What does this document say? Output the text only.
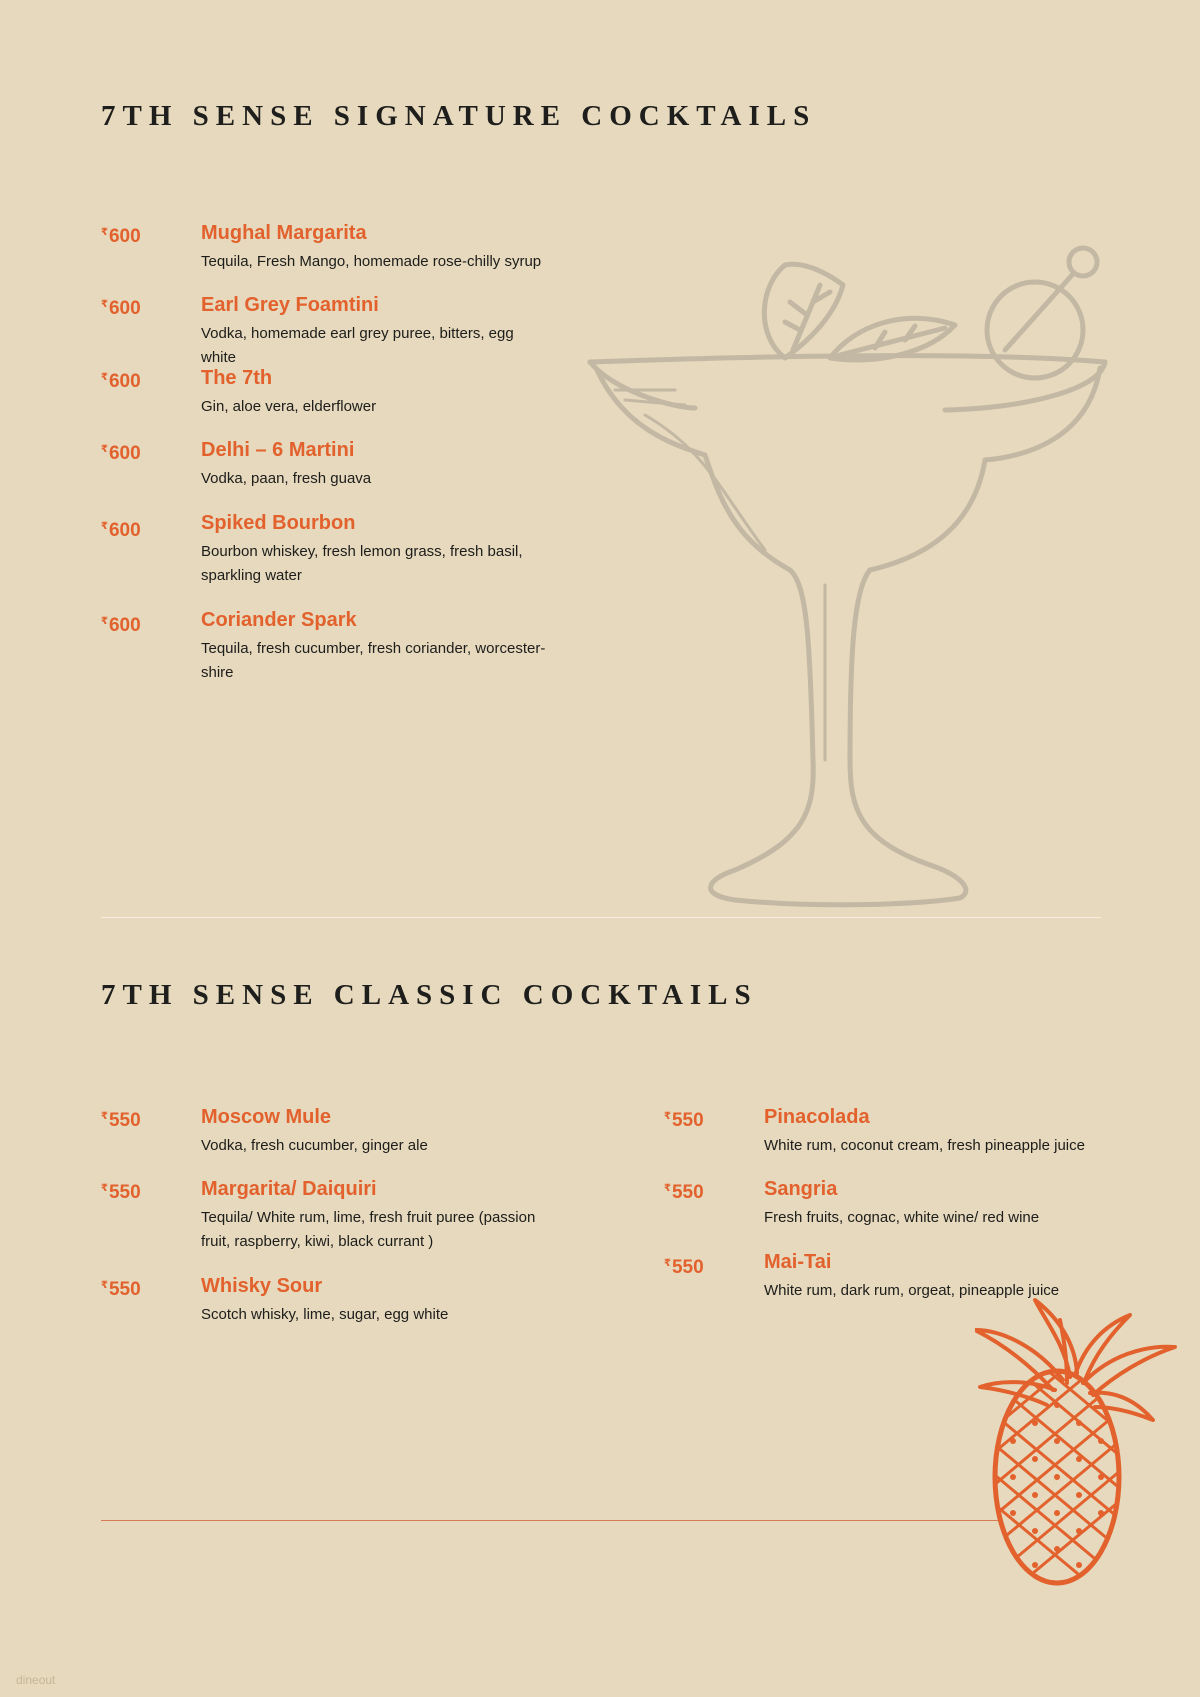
7TH SENSE SIGNATURE COCKTAILS
₹600	Mughal Margarita

Tequila, Fresh Mango, homemade rose-chilly syrup

₹600	Earl Grey Foamtini

Vodka, homemade earl grey puree, bitters, egg white

₹600	The 7th

Gin, aloe vera, elderflower

₹600	Delhi – 6 Martini

Vodka, paan, fresh guava

₹600	Spiked Bourbon

Bourbon whiskey, fresh lemon grass, fresh basil, sparkling water

₹600	Coriander Spark

Tequila, fresh cucumber, fresh coriander, worcester-shire

7TH SENSE CLASSIC COCKTAILS
₹550	Moscow Mule

Vodka, fresh cucumber, ginger ale

₹550	Margarita/ Daiquiri

Tequila/ White rum, lime, fresh fruit puree (passion fruit, raspberry, kiwi, black currant )

₹550	Whisky Sour

Scotch whisky, lime, sugar, egg white

₹550	Pinacolada

White rum, coconut cream, fresh pineapple juice

₹550	Sangria

Fresh fruits, cognac, white wine/ red wine

₹550	Mai-Tai

White rum, dark rum, orgeat, pineapple juice

dineout
